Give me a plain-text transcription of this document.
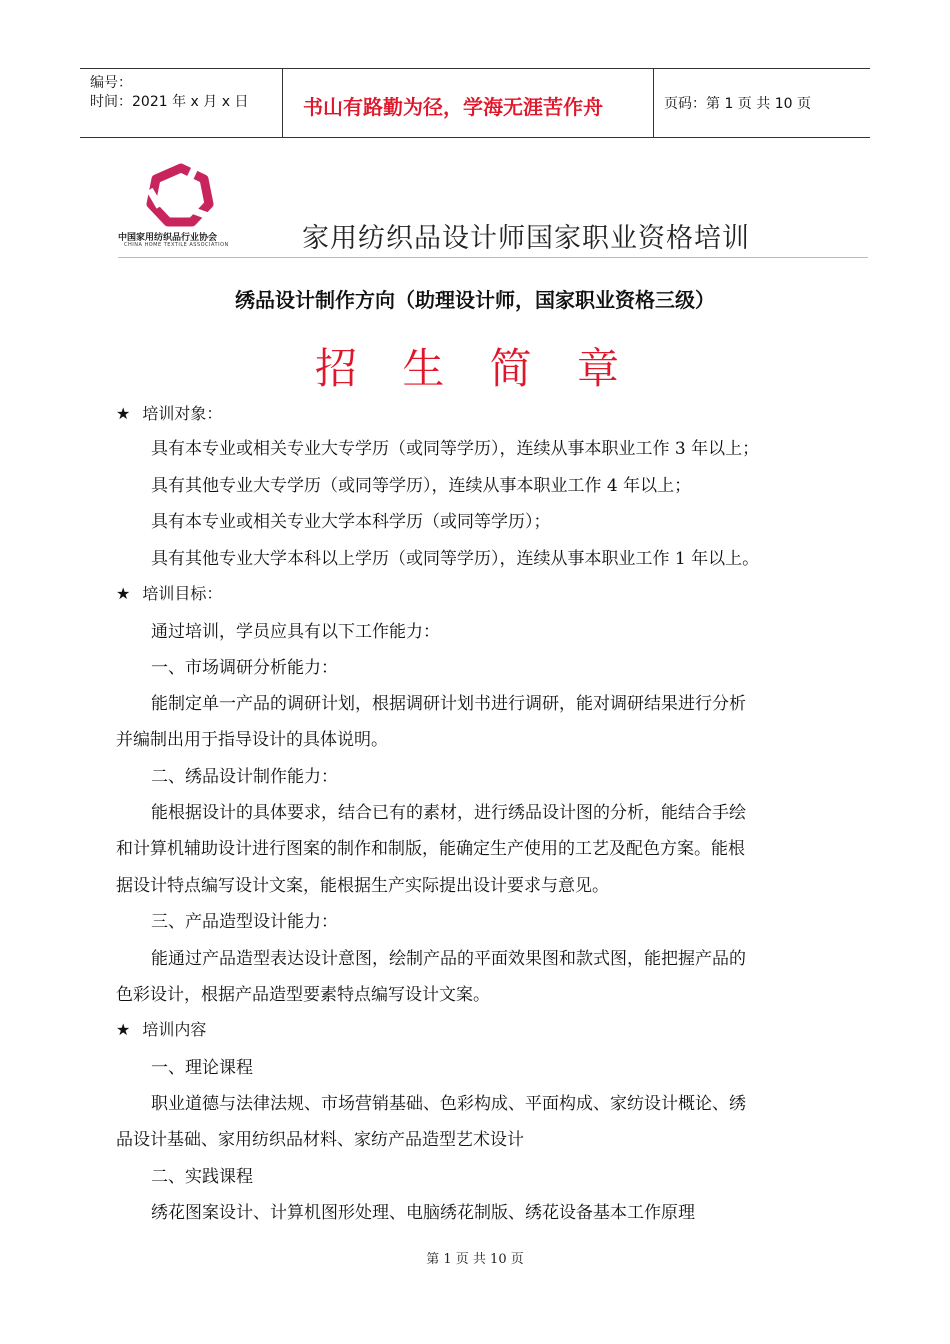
编号：
时间：2021 年 x 月 x 日	书山有路勤为径，学海无涯苦作舟	页码：第 1 页 共 10 页
中国家用纺织品行业协会
CHINA HOME TEXTILE ASSOCIATION	家用纺织品设计师国家职业资格培训
绣品设计制作方向（助理设计师，国家职业资格三级）
招 生 简 章
★ 培训对象：
具有本专业或相关专业大专学历（或同等学历），连续从事本职业工作 3 年以上；
具有其他专业大专学历（或同等学历），连续从事本职业工作 4 年以上；
具有本专业或相关专业大学本科学历（或同等学历）；
具有其他专业大学本科以上学历（或同等学历），连续从事本职业工作 1 年以上。
★ 培训目标：
通过培训，学员应具有以下工作能力：
一、市场调研分析能力：
能制定单一产品的调研计划，根据调研计划书进行调研，能对调研结果进行分析
并编制出用于指导设计的具体说明。
二、绣品设计制作能力：
能根据设计的具体要求，结合已有的素材，进行绣品设计图的分析，能结合手绘
和计算机辅助设计进行图案的制作和制版，能确定生产使用的工艺及配色方案。能根
据设计特点编写设计文案，能根据生产实际提出设计要求与意见。
三、产品造型设计能力：
能通过产品造型表达设计意图，绘制产品的平面效果图和款式图，能把握产品的
色彩设计，根据产品造型要素特点编写设计文案。
★ 培训内容
一、理论课程
职业道德与法律法规、市场营销基础、色彩构成、平面构成、家纺设计概论、绣
品设计基础、家用纺织品材料、家纺产品造型艺术设计
二、实践课程
绣花图案设计、计算机图形处理、电脑绣花制版、绣花设备基本工作原理
第 1 页 共 10 页
